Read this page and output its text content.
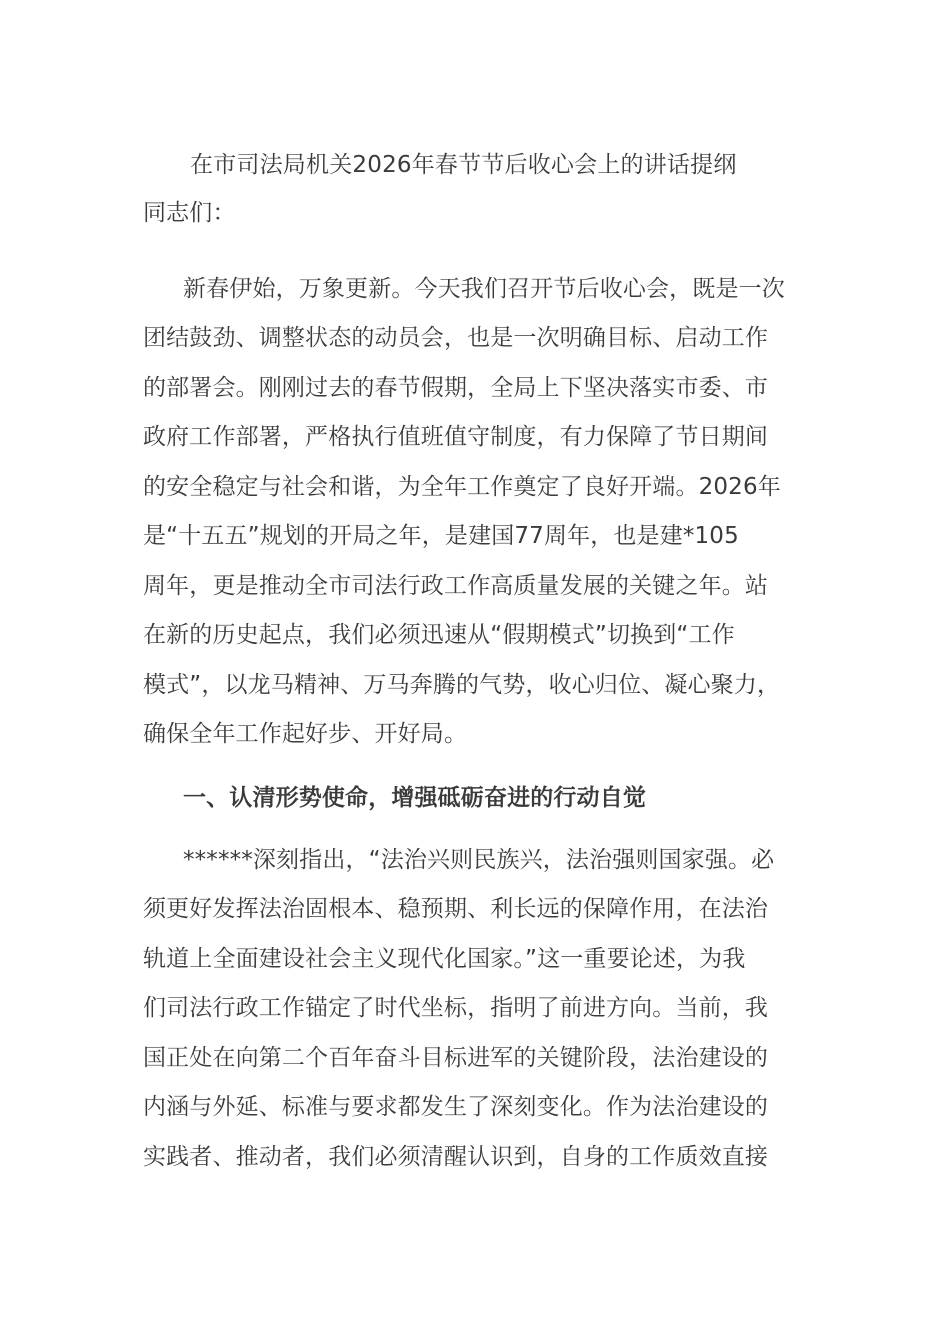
在市司法局机关2026年春节节后收心会上的讲话提纲
同志们：
新春伊始，万象更新。今天我们召开节后收心会，既是一次
团结鼓劲、调整状态的动员会，也是一次明确目标、启动工作
的部署会。刚刚过去的春节假期，全局上下坚决落实市委、市
政府工作部署，严格执行值班值守制度，有力保障了节日期间
的安全稳定与社会和谐，为全年工作奠定了良好开端。2026年
是“十五五”规划的开局之年，是建国77周年，也是建*105
周年，更是推动全市司法行政工作高质量发展的关键之年。站
在新的历史起点，我们必须迅速从“假期模式”切换到“工作
模式”，以龙马精神、万马奔腾的气势，收心归位、凝心聚力，
确保全年工作起好步、开好局。
一、认清形势使命，增强砥砺奋进的行动自觉
******深刻指出，“法治兴则民族兴，法治强则国家强。必
须更好发挥法治固根本、稳预期、利长远的保障作用，在法治
轨道上全面建设社会主义现代化国家。”这一重要论述，为我
们司法行政工作锚定了时代坐标，指明了前进方向。当前，我
国正处在向第二个百年奋斗目标进军的关键阶段，法治建设的
内涵与外延、标准与要求都发生了深刻变化。作为法治建设的
实践者、推动者，我们必须清醒认识到，自身的工作质效直接
